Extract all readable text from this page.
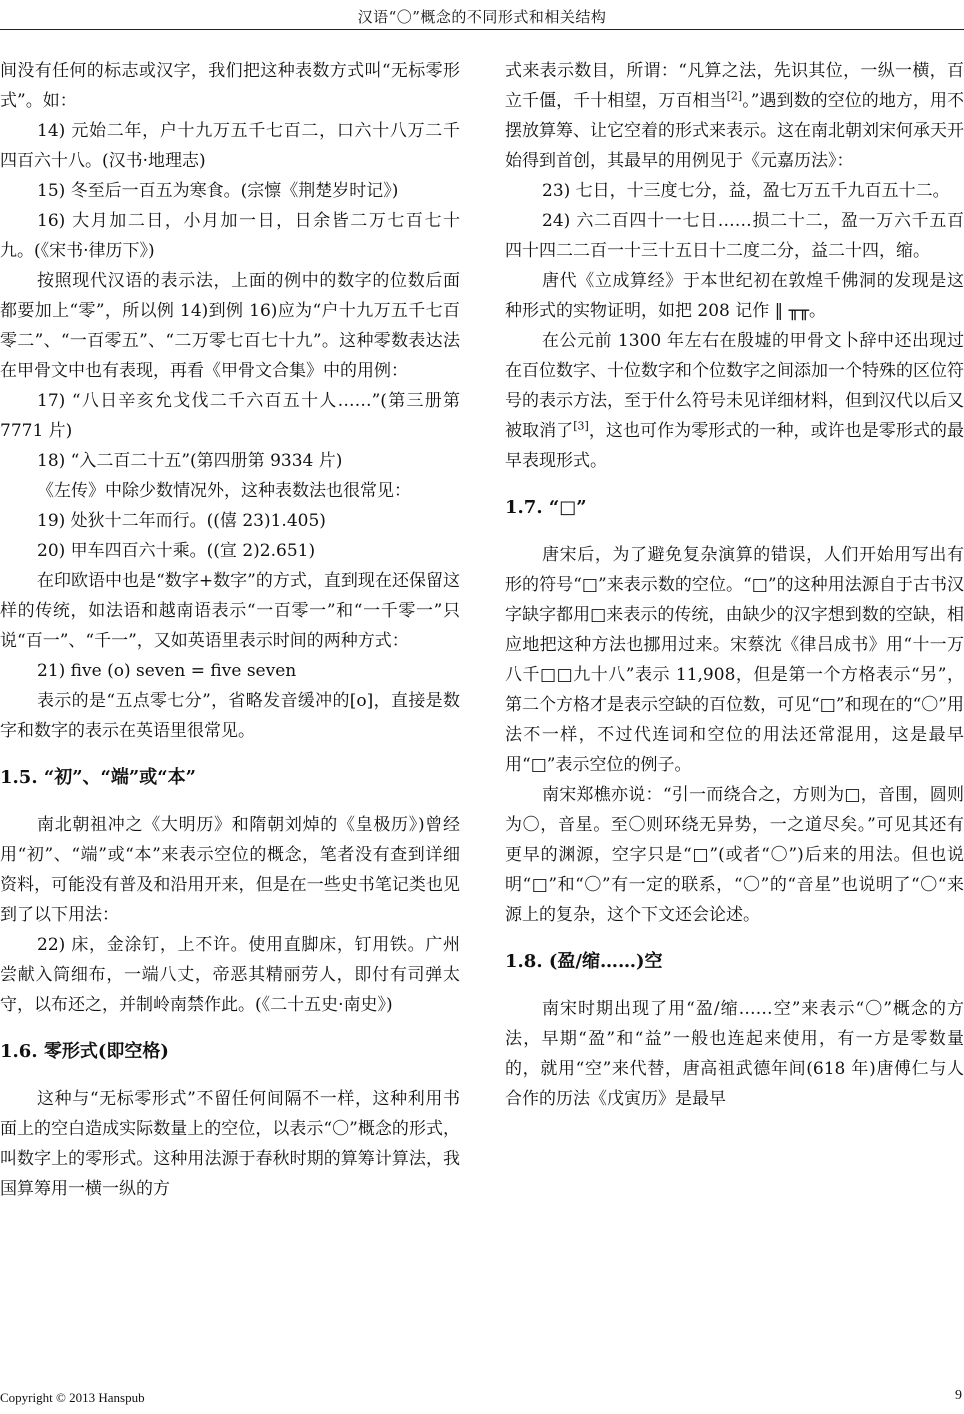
汉语“〇”概念的不同形式和相关结构

间没有任何的标志或汉字，我们把这种表数方式叫“无标零形式”。如：

14) 元始二年，户十九万五千七百二，口六十八万二千四百六十八。(汉书·地理志)

15) 冬至后一百五为寒食。(宗懔《荆楚岁时记》)

16) 大月加二日，小月加一日，日余皆二万七百七十九。(《宋书·律历下》)

按照现代汉语的表示法，上面的例中的数字的位数后面都要加上“零”，所以例 14)到例 16)应为“户十九万五千七百零二”、“一百零五”、“二万零七百七十九”。这种零数表达法在甲骨文中也有表现，再看《甲骨文合集》中的用例：

17) “八日辛亥允戈伐二千六百五十人……”(第三册第 7771 片)

18) “入二百二十五”(第四册第 9334 片)

《左传》中除少数情况外，这种表数法也很常见：

19) 处狄十二年而行。((僖 23)1.405)

20) 甲车四百六十乘。((宣 2)2.651)

在印欧语中也是“数字+数字”的方式，直到现在还保留这样的传统，如法语和越南语表示“一百零一”和“一千零一”只说“百一”、“千一”，又如英语里表示时间的两种方式：

21) five (o) seven = five seven

表示的是“五点零七分”，省略发音缓冲的[o]，直接是数字和数字的表示在英语里很常见。

1.5. “初”、“端”或“本”

南北朝祖冲之《大明历》和隋朝刘焯的《皇极历》)曾经用“初”、“端”或“本”来表示空位的概念，笔者没有查到详细资料，可能没有普及和沿用开来，但是在一些史书笔记类也见到了以下用法：

22) 床，金涂钉，上不许。使用直脚床，钉用铁。广州尝献入筒细布，一端八丈，帝恶其精丽劳人，即付有司弹太守，以布还之，并制岭南禁作此。(《二十五史·南史》)

1.6. 零形式(即空格)

这种与“无标零形式”不留任何间隔不一样，这种利用书面上的空白造成实际数量上的空位，以表示“〇”概念的形式，叫数字上的零形式。这种用法源于春秋时期的算筹计算法，我国算筹用一横一纵的方

式来表示数目，所谓：“凡算之法，先识其位，一纵一横，百立千僵，千十相望，万百相当[2]。”遇到数的空位的地方，用不摆放算筹、让它空着的形式来表示。这在南北朝刘宋何承天开始得到首创，其最早的用例见于《元嘉历法》：

23) 七日，十三度七分，益，盈七万五千九百五十二。

24) 六二百四十一七日……损二十二，盈一万六千五百四十四二二百一十三十五日十二度二分，益二十四，缩。

唐代《立成算经》于本世纪初在敦煌千佛洞的发现是这种形式的实物证明，如把 208 记作 ‖ ╥╥。

在公元前 1300 年左右在殷墟的甲骨文卜辞中还出现过在百位数字、十位数字和个位数字之间添加一个特殊的区位符号的表示方法，至于什么符号未见详细材料，但到汉代以后又被取消了[3]，这也可作为零形式的一种，或许也是零形式的最早表现形式。

1.7. “□”

唐宋后，为了避免复杂演算的错误，人们开始用写出有形的符号“□”来表示数的空位。“□”的这种用法源自于古书汉字缺字都用□来表示的传统，由缺少的汉字想到数的空缺，相应地把这种方法也挪用过来。宋蔡沈《律吕成书》用“十一万八千□□九十八”表示 11,908，但是第一个方格表示“另”，第二个方格才是表示空缺的百位数，可见“□”和现在的“〇”用法不一样，不过代连词和空位的用法还常混用，这是最早用“□”表示空位的例子。

南宋郑樵亦说：“引一而绕合之，方则为□，音围，圆则为〇，音星。至〇则环绕无异势，一之道尽矣。”可见其还有更早的渊源，空字只是“□”(或者“〇”)后来的用法。但也说明“□”和“〇”有一定的联系，“〇”的“音星”也说明了“〇“来源上的复杂，这个下文还会论述。

1.8. (盈/缩……)空

南宋时期出现了用“盈/缩……空”来表示“〇”概念的方法，早期“盈”和“益”一般也连起来使用，有一方是零数量的，就用“空”来代替，唐高祖武德年间(618 年)唐傅仁与人合作的历法《戊寅历》是最早

Copyright © 2013 Hanspub	9
